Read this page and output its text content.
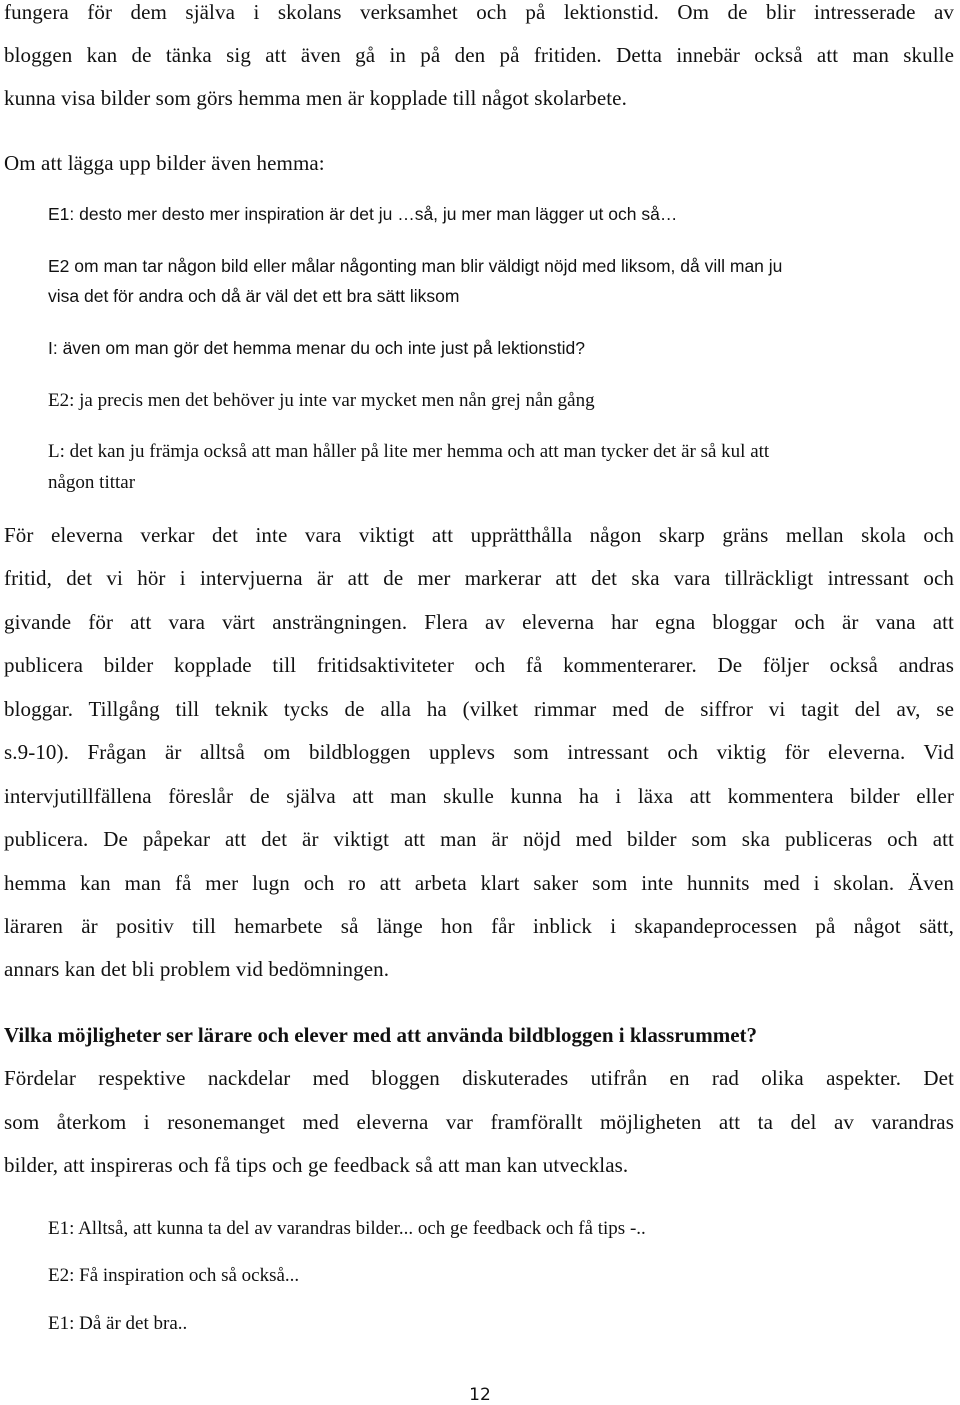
fungera för dem själva i skolans verksamhet och på lektionstid. Om de blir intresserade av
bloggen kan de tänka sig att även gå in på den på fritiden. Detta innebär också att man skulle
kunna visa bilder som görs hemma men är kopplade till något skolarbete.
Om att lägga upp bilder även hemma:
E1: desto mer desto mer inspiration är det ju …så, ju mer man lägger ut och så…
E2 om man tar någon bild eller målar någonting man blir väldigt nöjd med liksom, då vill man ju
visa det för andra och då är väl det ett bra sätt liksom
I: även om man gör det hemma menar du och inte just på lektionstid?
E2: ja precis men det behöver ju inte var mycket men nån grej nån gång
L: det kan ju främja också att man håller på lite mer hemma och att man tycker det är så kul att
någon tittar
För eleverna verkar det inte vara viktigt att upprätthålla någon skarp gräns mellan skola och
fritid, det vi hör i intervjuerna är att de mer markerar att det ska vara tillräckligt intressant och
givande för att vara värt ansträngningen. Flera av eleverna har egna bloggar och är vana att
publicera bilder kopplade till fritidsaktiviteter och få kommenterarer. De följer också andras
bloggar. Tillgång till teknik tycks de alla ha (vilket rimmar med de siffror vi tagit del av, se
s.9-10). Frågan är alltså om bildbloggen upplevs som intressant och viktig för eleverna. Vid
intervjutillfällena föreslår de själva att man skulle kunna ha i läxa att kommentera bilder eller
publicera. De påpekar att det är viktigt att man är nöjd med bilder som ska publiceras och att
hemma kan man få mer lugn och ro att arbeta klart saker som inte hunnits med i skolan. Även
läraren är positiv till hemarbete så länge hon får inblick i skapandeprocessen på något sätt,
annars kan det bli problem vid bedömningen.
Vilka möjligheter ser lärare och elever med att använda bildbloggen i klassrummet?
Fördelar respektive nackdelar med bloggen diskuterades utifrån en rad olika aspekter. Det
som återkom i resonemanget med eleverna var framförallt möjligheten att ta del av varandras
bilder, att inspireras och få tips och ge feedback så att man kan utvecklas.
E1: Alltså, att kunna ta del av varandras bilder... och ge feedback och få tips -..
E2: Få inspiration och så också...
E1: Då är det bra..
12
